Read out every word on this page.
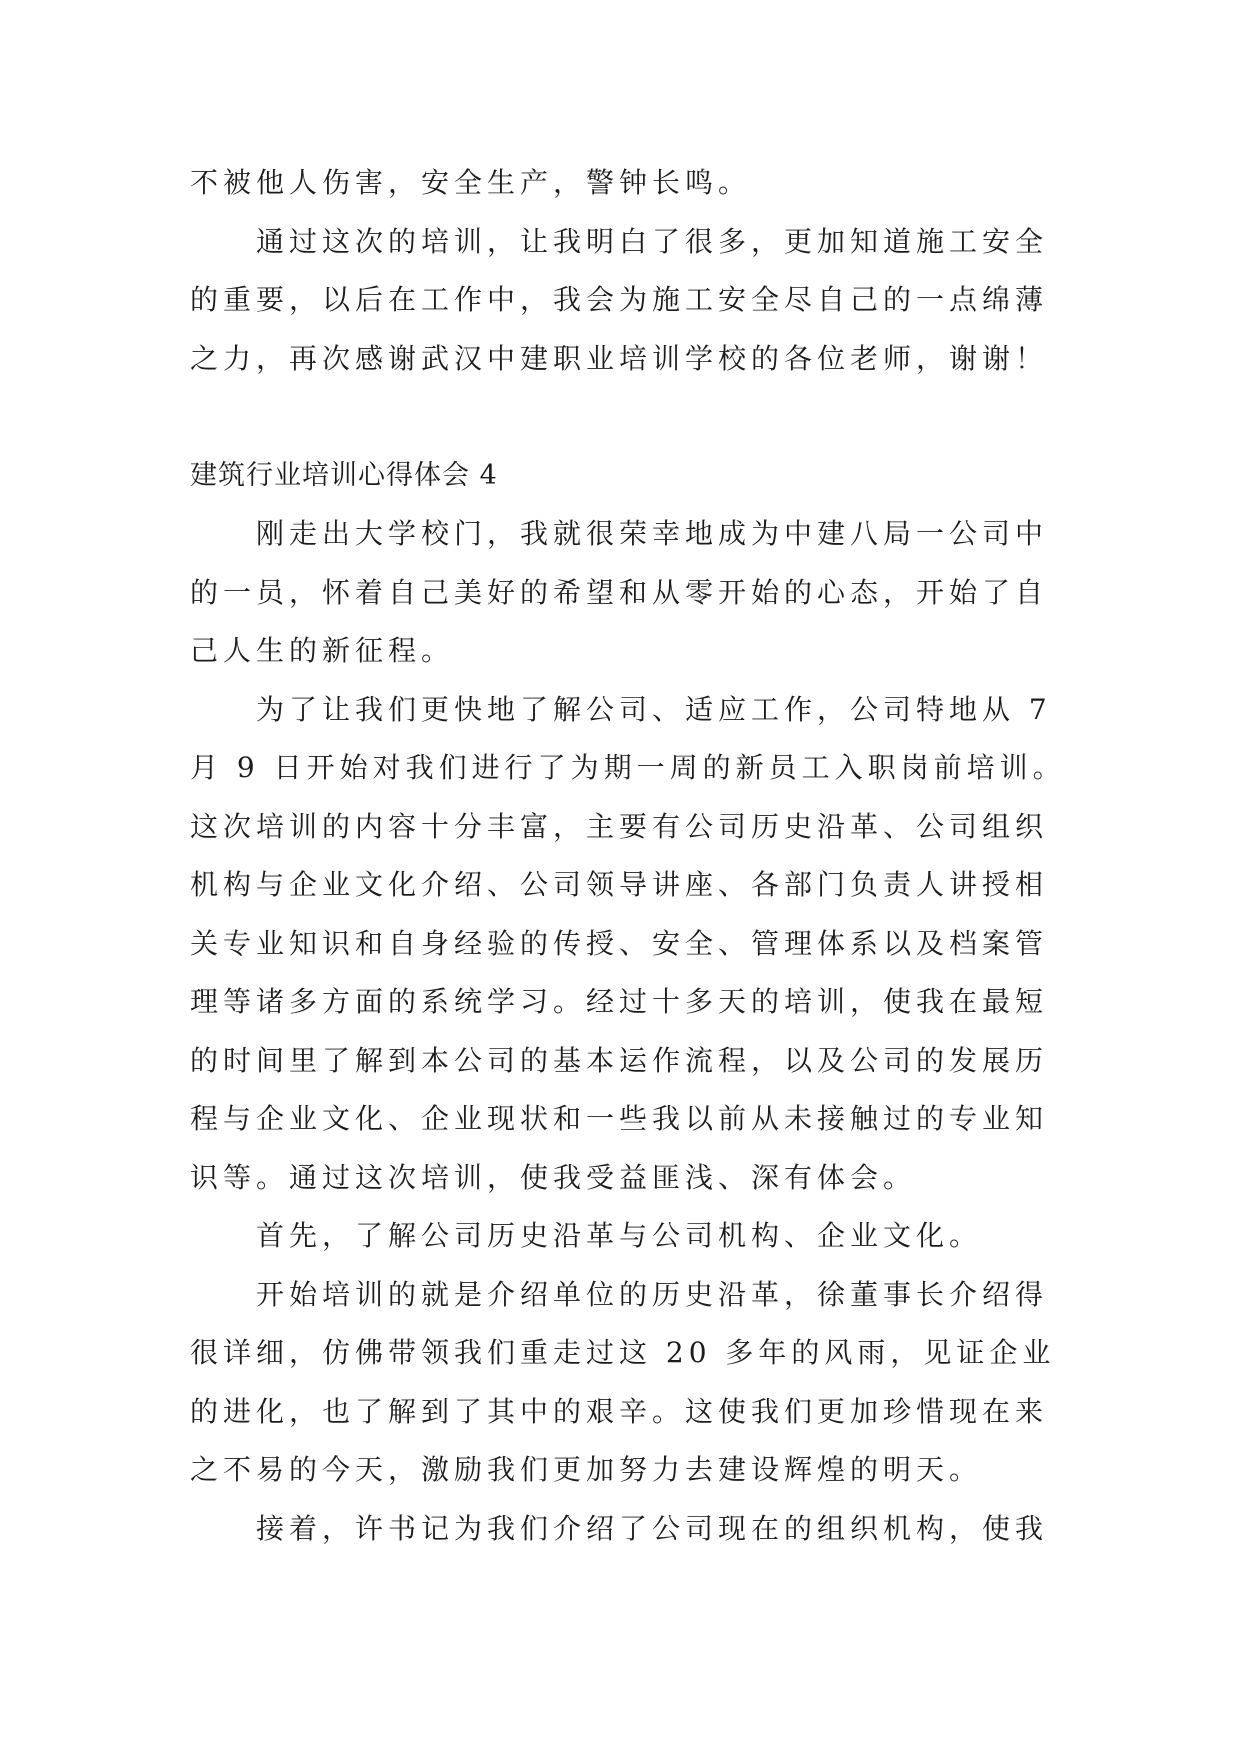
不被他人伤害，安全生产，警钟长鸣。
通过这次的培训，让我明白了很多，更加知道施工安全
的重要，以后在工作中，我会为施工安全尽自己的一点绵薄
之力，再次感谢武汉中建职业培训学校的各位老师，谢谢！
建筑行业培训心得体会 4
刚走出大学校门，我就很荣幸地成为中建八局一公司中
的一员，怀着自己美好的希望和从零开始的心态，开始了自
己人生的新征程。
为了让我们更快地了解公司、适应工作，公司特地从 7
月 9 日开始对我们进行了为期一周的新员工入职岗前培训。
这次培训的内容十分丰富，主要有公司历史沿革、公司组织
机构与企业文化介绍、公司领导讲座、各部门负责人讲授相
关专业知识和自身经验的传授、安全、管理体系以及档案管
理等诸多方面的系统学习。经过十多天的培训，使我在最短
的时间里了解到本公司的基本运作流程，以及公司的发展历
程与企业文化、企业现状和一些我以前从未接触过的专业知
识等。通过这次培训，使我受益匪浅、深有体会。
首先，了解公司历史沿革与公司机构、企业文化。
开始培训的就是介绍单位的历史沿革，徐董事长介绍得
很详细，仿佛带领我们重走过这 20 多年的风雨，见证企业
的进化，也了解到了其中的艰辛。这使我们更加珍惜现在来
之不易的今天，激励我们更加努力去建设辉煌的明天。
接着，许书记为我们介绍了公司现在的组织机构，使我
